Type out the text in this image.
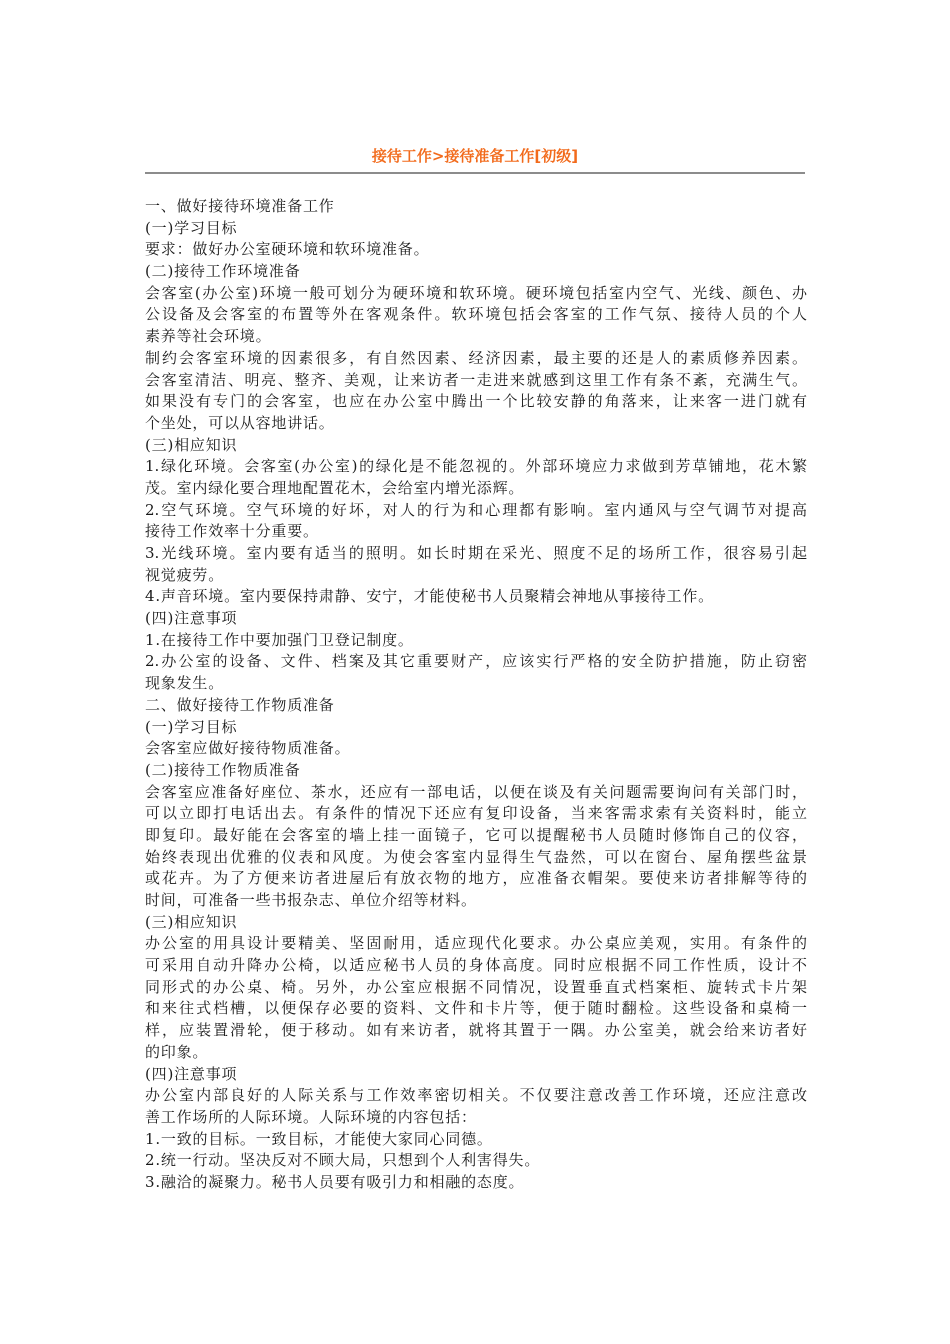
接待工作>接待准备工作[初级]
一、做好接待环境准备工作
(一)学习目标
要求：做好办公室硬环境和软环境准备。
(二)接待工作环境准备
会客室(办公室)环境一般可划分为硬环境和软环境。硬环境包括室内空气、光线、颜色、办
公设备及会客室的布置等外在客观条件。软环境包括会客室的工作气氛、接待人员的个人
素养等社会环境。
制约会客室环境的因素很多，有自然因素、经济因素，最主要的还是人的素质修养因素。
会客室清洁、明亮、整齐、美观，让来访者一走进来就感到这里工作有条不紊，充满生气。
如果没有专门的会客室，也应在办公室中腾出一个比较安静的角落来，让来客一进门就有
个坐处，可以从容地讲话。
(三)相应知识
1.绿化环境。会客室(办公室)的绿化是不能忽视的。外部环境应力求做到芳草铺地，花木繁
茂。室内绿化要合理地配置花木，会给室内增光添辉。
2.空气环境。空气环境的好坏，对人的行为和心理都有影响。室内通风与空气调节对提高
接待工作效率十分重要。
3.光线环境。室内要有适当的照明。如长时期在采光、照度不足的场所工作，很容易引起
视觉疲劳。
4.声音环境。室内要保持肃静、安宁，才能使秘书人员聚精会神地从事接待工作。
(四)注意事项
1.在接待工作中要加强门卫登记制度。
2.办公室的设备、文件、档案及其它重要财产，应该实行严格的安全防护措施，防止窃密
现象发生。
二、做好接待工作物质准备
(一)学习目标
会客室应做好接待物质准备。
(二)接待工作物质准备
会客室应准备好座位、茶水，还应有一部电话，以便在谈及有关问题需要询问有关部门时，
可以立即打电话出去。有条件的情况下还应有复印设备，当来客需求索有关资料时，能立
即复印。最好能在会客室的墙上挂一面镜子，它可以提醒秘书人员随时修饰自己的仪容，
始终表现出优雅的仪表和风度。为使会客室内显得生气盎然，可以在窗台、屋角摆些盆景
或花卉。为了方便来访者进屋后有放衣物的地方，应准备衣帽架。要使来访者排解等待的
时间，可准备一些书报杂志、单位介绍等材料。
(三)相应知识
办公室的用具设计要精美、坚固耐用，适应现代化要求。办公桌应美观，实用。有条件的
可采用自动升降办公椅，以适应秘书人员的身体高度。同时应根据不同工作性质，设计不
同形式的办公桌、椅。另外，办公室应根据不同情况，设置垂直式档案柜、旋转式卡片架
和来往式档槽，以便保存必要的资料、文件和卡片等，便于随时翻检。这些设备和桌椅一
样，应装置滑轮，便于移动。如有来访者，就将其置于一隅。办公室美，就会给来访者好
的印象。
(四)注意事项
办公室内部良好的人际关系与工作效率密切相关。不仅要注意改善工作环境，还应注意改
善工作场所的人际环境。人际环境的内容包括：
1.一致的目标。一致目标，才能使大家同心同德。
2.统一行动。坚决反对不顾大局，只想到个人利害得失。
3.融洽的凝聚力。秘书人员要有吸引力和相融的态度。
